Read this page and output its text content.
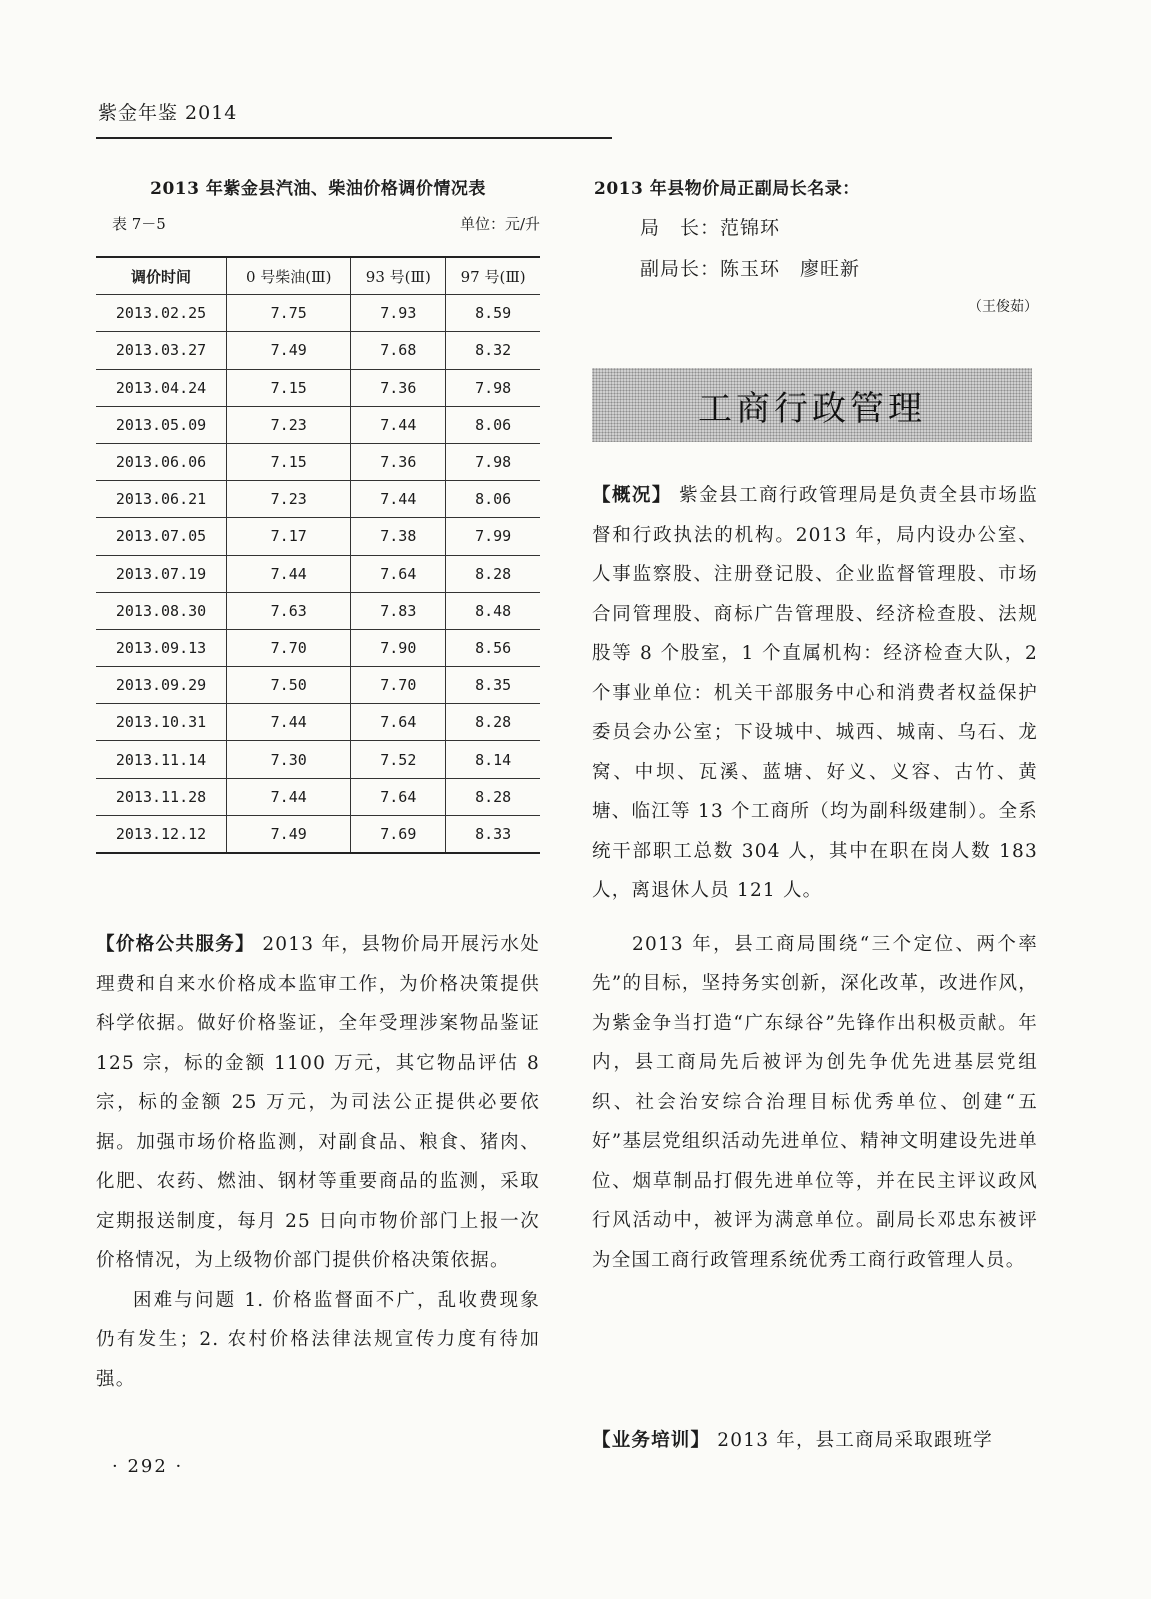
紫金年鉴 2014
2013 年紫金县汽油、柴油价格调价情况表
表 7－5	单位：元/升
调价时间	0 号柴油(Ⅲ)	93 号(Ⅲ)	97 号(Ⅲ)
2013.02.25	7.75	7.93	8.59
2013.03.27	7.49	7.68	8.32
2013.04.24	7.15	7.36	7.98
2013.05.09	7.23	7.44	8.06
2013.06.06	7.15	7.36	7.98
2013.06.21	7.23	7.44	8.06
2013.07.05	7.17	7.38	7.99
2013.07.19	7.44	7.64	8.28
2013.08.30	7.63	7.83	8.48
2013.09.13	7.70	7.90	8.56
2013.09.29	7.50	7.70	8.35
2013.10.31	7.44	7.64	8.28
2013.11.14	7.30	7.52	8.14
2013.11.28	7.44	7.64	8.28
2013.12.12	7.49	7.69	8.33

【价格公共服务】 2013 年，县物价局开展污水处理费和自来水价格成本监审工作，为价格决策提供科学依据。做好价格鉴证，全年受理涉案物品鉴证 125 宗，标的金额 1100 万元，其它物品评估 8 宗，标的金额 25 万元，为司法公正提供必要依据。加强市场价格监测，对副食品、粮食、猪肉、化肥、农药、燃油、钢材等重要商品的监测，采取定期报送制度，每月 25 日向市物价部门上报一次价格情况，为上级物价部门提供价格决策依据。

困难与问题 1. 价格监督面不广，乱收费现象仍有发生；2. 农村价格法律法规宣传力度有待加强。

· 292 ·
2013 年县物价局正副局长名录：
局　长：范锦环
副局长：陈玉环　廖旺新
（王俊茹）
工商行政管理

【概况】 紫金县工商行政管理局是负责全县市场监督和行政执法的机构。2013 年，局内设办公室、人事监察股、注册登记股、企业监督管理股、市场合同管理股、商标广告管理股、经济检查股、法规股等 8 个股室，1 个直属机构：经济检查大队，2 个事业单位：机关干部服务中心和消费者权益保护委员会办公室；下设城中、城西、城南、乌石、龙窝、中坝、瓦溪、蓝塘、好义、义容、古竹、黄塘、临江等 13 个工商所（均为副科级建制）。全系统干部职工总数 304 人，其中在职在岗人数 183 人，离退休人员 121 人。

2013 年，县工商局围绕“三个定位、两个率先”的目标，坚持务实创新，深化改革，改进作风，为紫金争当打造“广东绿谷”先锋作出积极贡献。年内，县工商局先后被评为创先争优先进基层党组织、社会治安综合治理目标优秀单位、创建“五好”基层党组织活动先进单位、精神文明建设先进单位、烟草制品打假先进单位等，并在民主评议政风行风活动中，被评为满意单位。副局长邓忠东被评为全国工商行政管理系统优秀工商行政管理人员。

【业务培训】 2013 年，县工商局采取跟班学
